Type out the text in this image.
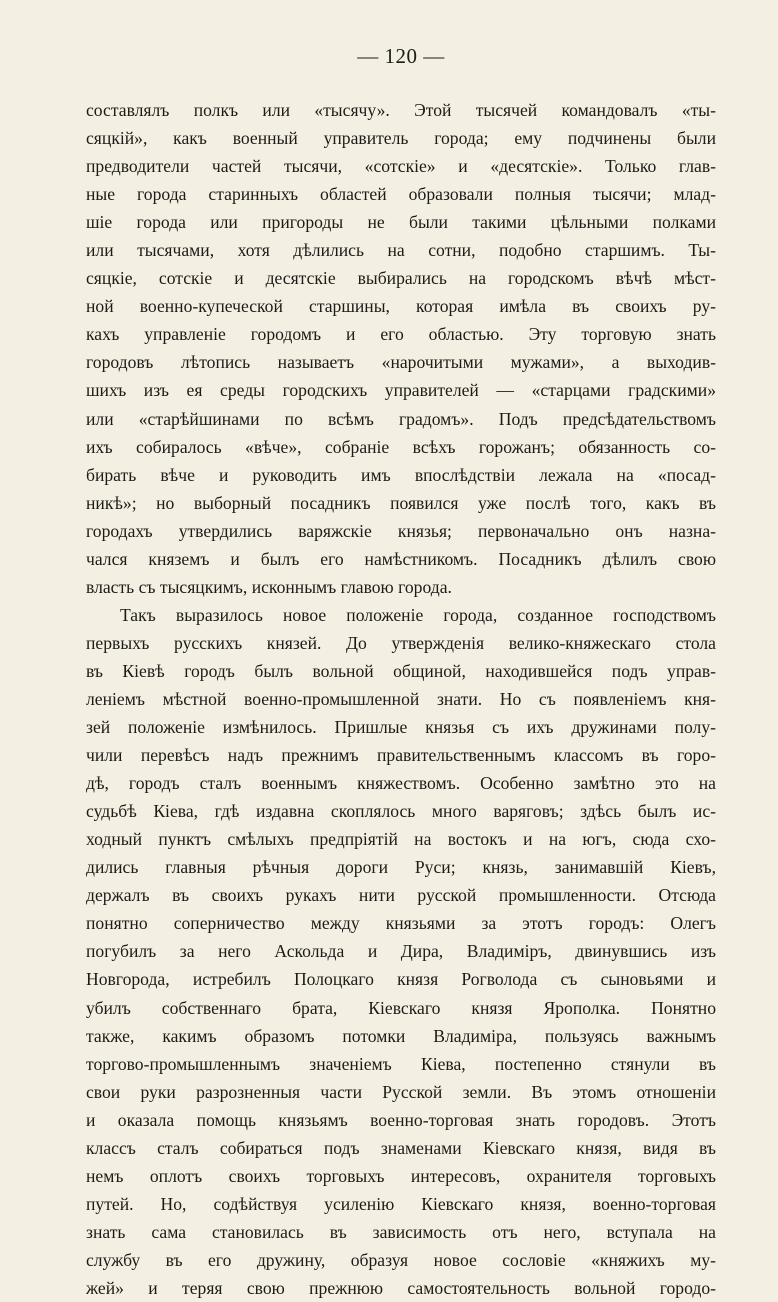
— 120 —
составлялъ полкъ или «тысячу». Этой тысячей командовалъ «ты-
сяцкій», какъ военный управитель города; ему подчинены были
предводители частей тысячи, «сотскіе» и «десятскіе». Только глав-
ные города старинныхъ областей образовали полныя тысячи; млад-
шіе города или пригороды не были такими цѣльными полками
или тысячами, хотя дѣлились на сотни, подобно старшимъ. Ты-
сяцкіе, сотскіе и десятскіе выбирались на городскомъ вѣчѣ мѣст-
ной военно-купеческой старшины, которая имѣла въ своихъ ру-
кахъ управленіе городомъ и его областью. Эту торговую знать
городовъ лѣтопись называетъ «нарочитыми мужами», а выходив-
шихъ изъ ея среды городскихъ управителей — «старцами градскими»
или «старѣйшинами по всѣмъ градомъ». Подъ предсѣдательствомъ
ихъ собиралось «вѣче», собраніе всѣхъ горожанъ; обязанность со-
бирать вѣче и руководить имъ впослѣдствіи лежала на «посад-
никѣ»; но выборный посадникъ появился уже послѣ того, какъ въ
городахъ утвердились варяжскіе князья; первоначально онъ назна-
чался княземъ и былъ его намѣстникомъ. Посадникъ дѣлилъ свою
власть съ тысяцкимъ, исконнымъ главою города.
Такъ выразилось новое положеніе города, созданное господствомъ
первыхъ русскихъ князей. До утвержденія велико-княжескаго стола
въ Кіевѣ городъ былъ вольной общиной, находившейся подъ управ-
леніемъ мѣстной военно-промышленной знати. Но съ появленіемъ кня-
зей положеніе измѣнилось. Пришлые князья съ ихъ дружинами полу-
чили перевѣсъ надъ прежнимъ правительственнымъ классомъ въ горо-
дѣ, городъ сталъ военнымъ княжествомъ. Особенно замѣтно это на
судьбѣ Кіева, гдѣ издавна скоплялось много варяговъ; здѣсь былъ ис-
ходный пунктъ смѣлыхъ предпріятій на востокъ и на югъ, сюда схо-
дились главныя рѣчныя дороги Руси; князь, занимавшій Кіевъ,
держалъ въ своихъ рукахъ нити русской промышленности. Отсюда
понятно соперничество между князьями за этотъ городъ: Олегъ
погубилъ за него Аскольда и Дира, Владиміръ, двинувшись изъ
Новгорода, истребилъ Полоцкаго князя Рогволода съ сыновьями и
убилъ собственнаго брата, Кіевскаго князя Ярополка. Понятно
также, какимъ образомъ потомки Владиміра, пользуясь важнымъ
торгово-промышленнымъ значеніемъ Кіева, постепенно стянули въ
свои руки разрозненныя части Русской земли. Въ этомъ отношеніи
и оказала помощь князьямъ военно-торговая знать городовъ. Этотъ
классъ сталъ собираться подъ знаменами Кіевскаго князя, видя въ
немъ оплотъ своихъ торговыхъ интересовъ, охранителя торговыхъ
путей. Но, содѣйствуя усиленію Кіевскаго князя, военно-торговая
знать сама становилась въ зависимость отъ него, вступала на
службу въ его дружину, образуя новое сословіе «княжихъ му-
жей» и теряя свою прежнюю самостоятельность вольной городо-
